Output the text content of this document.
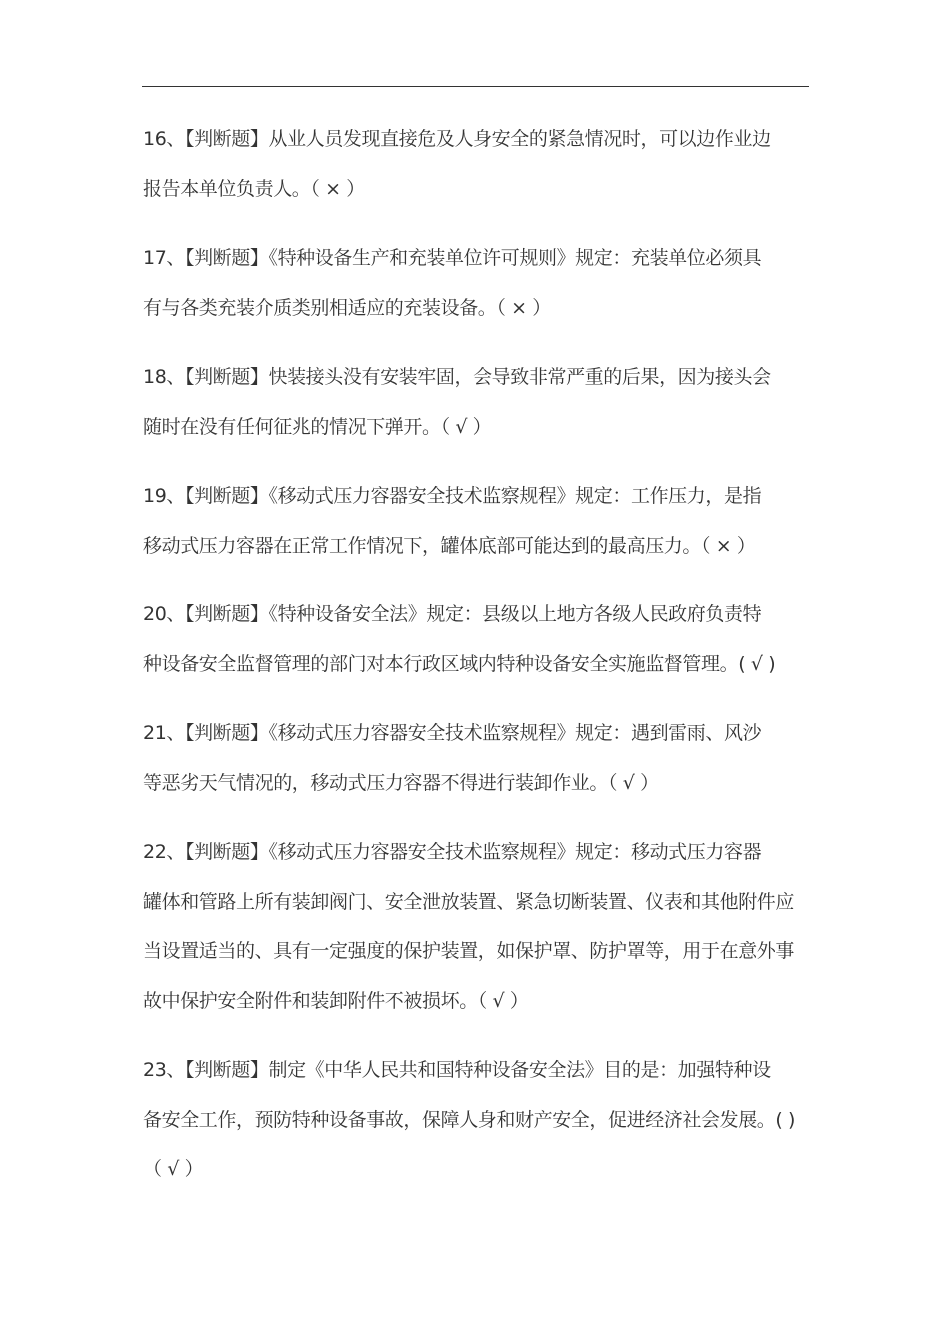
16、【判断题】从业人员发现直接危及人身安全的紧急情况时，可以边作业边
报告本单位负责人。（ × ）
17、【判断题】《特种设备生产和充装单位许可规则》规定：充装单位必须具
有与各类充装介质类别相适应的充装设备。（ × ）
18、【判断题】快装接头没有安装牢固，会导致非常严重的后果，因为接头会
随时在没有任何征兆的情况下弹开。（ √ ）
19、【判断题】《移动式压力容器安全技术监察规程》规定：工作压力，是指
移动式压力容器在正常工作情况下，罐体底部可能达到的最高压力。（ × ）
20、【判断题】《特种设备安全法》规定：县级以上地方各级人民政府负责特
种设备安全监督管理的部门对本行政区域内特种设备安全实施监督管理。( √ )
21、【判断题】《移动式压力容器安全技术监察规程》规定：遇到雷雨、风沙
等恶劣天气情况的，移动式压力容器不得进行装卸作业。（ √ ）
22、【判断题】《移动式压力容器安全技术监察规程》规定：移动式压力容器
罐体和管路上所有装卸阀门、安全泄放装置、紧急切断装置、仪表和其他附件应
当设置适当的、具有一定强度的保护装置，如保护罩、防护罩等，用于在意外事
故中保护安全附件和装卸附件不被损坏。（ √ ）
23、【判断题】制定《中华人民共和国特种设备安全法》目的是：加强特种设
备安全工作，预防特种设备事故，保障人身和财产安全，促进经济社会发展。( )
（ √ ）
